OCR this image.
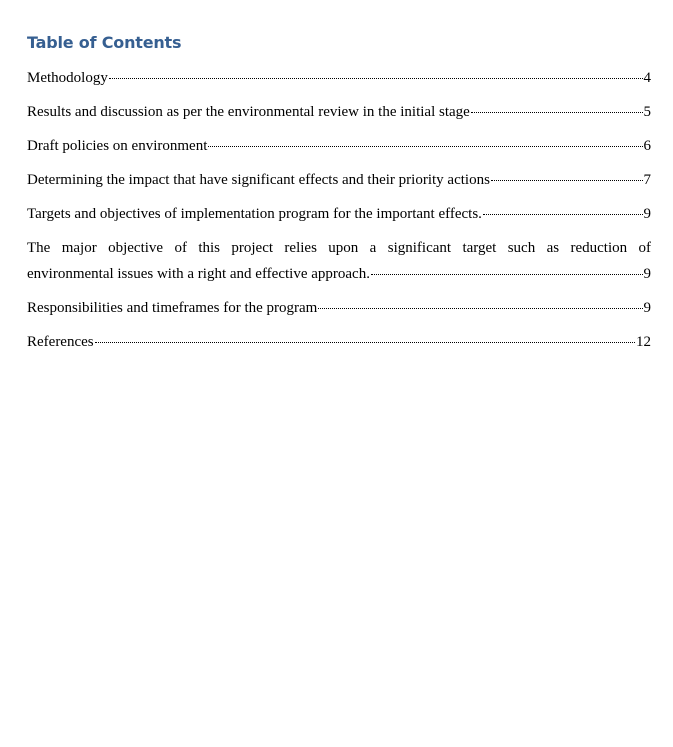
Table of Contents
Methodology	4
Results and discussion as per the environmental review in the initial stage	5
Draft policies on environment	6
Determining the impact that have significant effects and their priority actions	7
Targets and objectives of implementation program for the important effects.	9
The major objective of this project relies upon a significant target such as reduction of
environmental issues with a right and effective approach.	9
Responsibilities and timeframes for the program	9
References	12
